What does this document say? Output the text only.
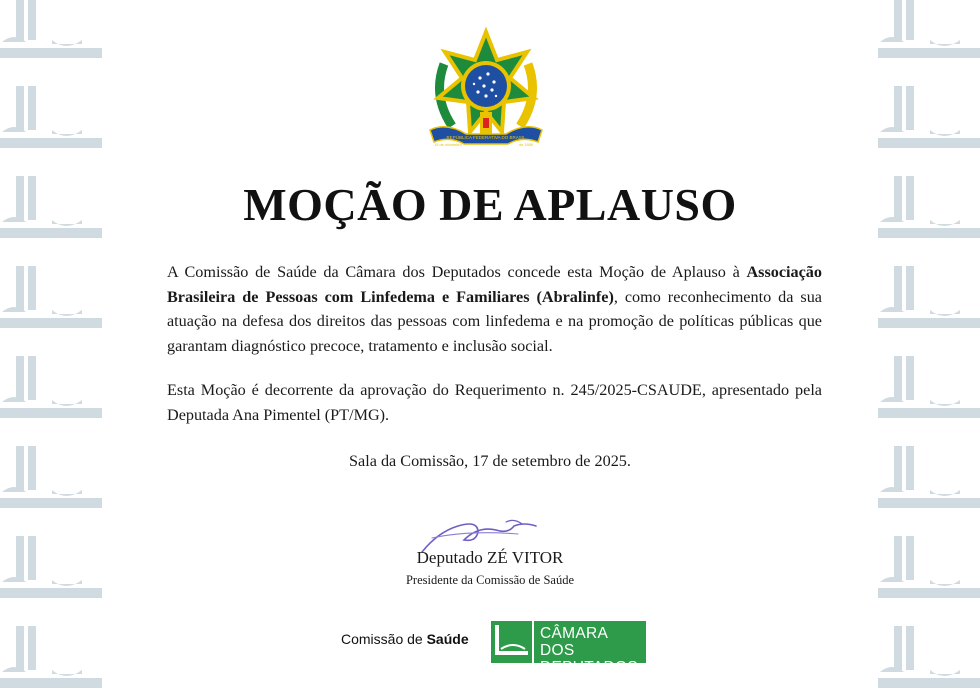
REPÚBLICA FEDERATIVA DO BRASIL
15 de novembro	de 1889
MOÇÃO DE APLAUSO

A Comissão de Saúde da Câmara dos Deputados concede esta Moção de Aplauso à Associação Brasileira de Pessoas com Linfedema e Familiares (Abralinfe), como reconhecimento da sua atuação na defesa dos direitos das pessoas com linfedema e na promoção de políticas públicas que garantam diagnóstico precoce, tratamento e inclusão social.

Esta Moção é decorrente da aprovação do Requerimento n. 245/2025-CSAUDE, apresentado pela Deputada Ana Pimentel (PT/MG).

Sala da Comissão, 17 de setembro de 2025.

Deputado ZÉ VITOR

Presidente da Comissão de Saúde

Comissão de Saúde	CÂMARA DOS
DEPUTADOS
